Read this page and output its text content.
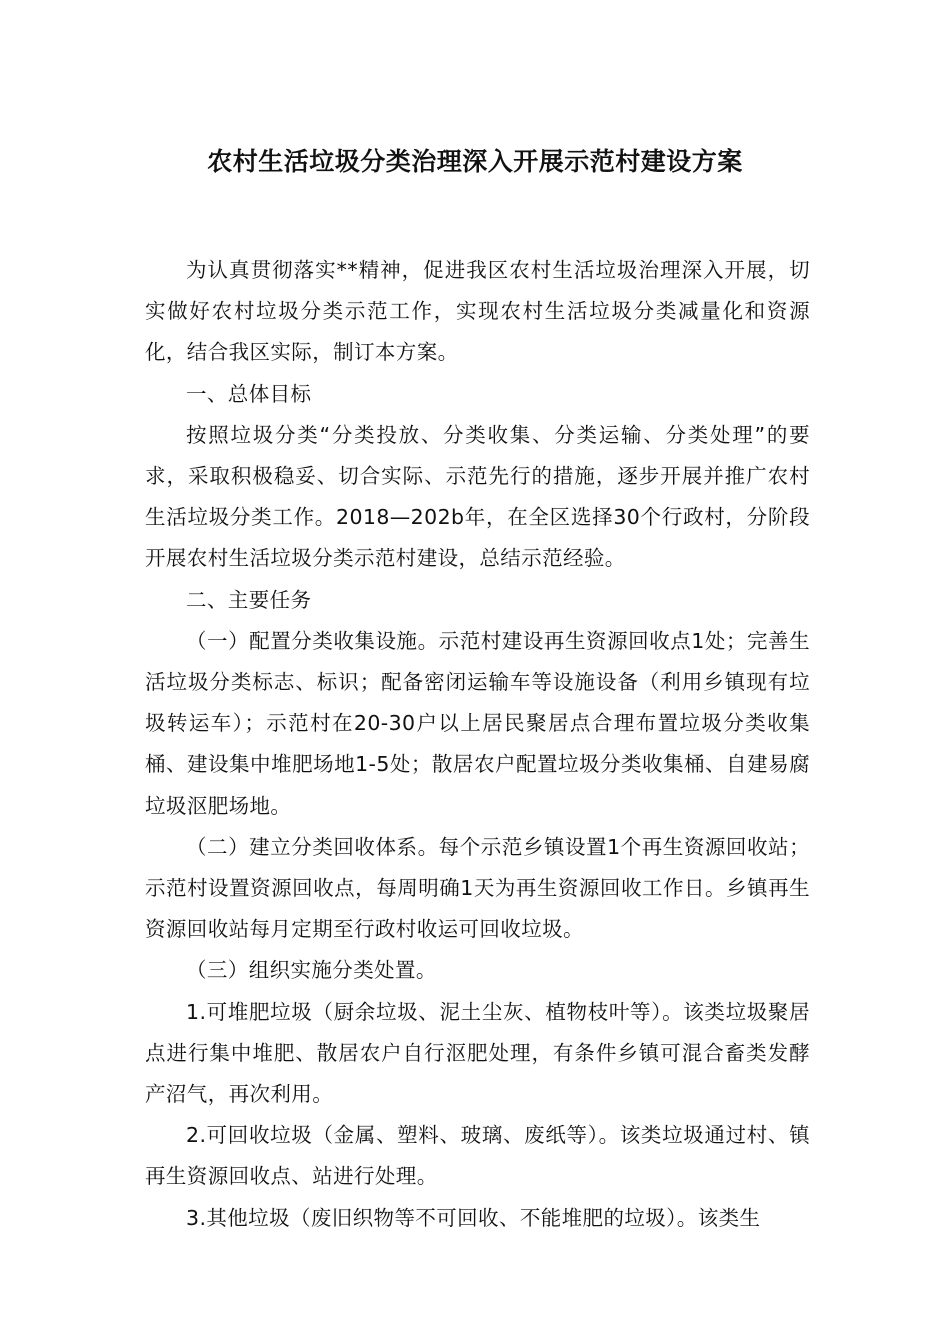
农村生活垃圾分类治理深入开展示范村建设方案

为认真贯彻落实**精神，促进我区农村生活垃圾治理深入开展，切实做好农村垃圾分类示范工作，实现农村生活垃圾分类减量化和资源化，结合我区实际，制订本方案。

一、总体目标

按照垃圾分类“分类投放、分类收集、分类运输、分类处理”的要求，采取积极稳妥、切合实际、示范先行的措施，逐步开展并推广农村生活垃圾分类工作。2018—202b年，在全区选择30个行政村，分阶段开展农村生活垃圾分类示范村建设，总结示范经验。

二、主要任务

（一）配置分类收集设施。示范村建设再生资源回收点1处；完善生活垃圾分类标志、标识；配备密闭运输车等设施设备（利用乡镇现有垃圾转运车）；示范村在20-30户以上居民聚居点合理布置垃圾分类收集桶、建设集中堆肥场地1-5处；散居农户配置垃圾分类收集桶、自建易腐垃圾沤肥场地。

（二）建立分类回收体系。每个示范乡镇设置1个再生资源回收站；示范村设置资源回收点，每周明确1天为再生资源回收工作日。乡镇再生资源回收站每月定期至行政村收运可回收垃圾。

（三）组织实施分类处置。

1.可堆肥垃圾（厨余垃圾、泥土尘灰、植物枝叶等）。该类垃圾聚居点进行集中堆肥、散居农户自行沤肥处理，有条件乡镇可混合畜类发酵产沼气，再次利用。

2.可回收垃圾（金属、塑料、玻璃、废纸等）。该类垃圾通过村、镇再生资源回收点、站进行处理。

3.其他垃圾（废旧织物等不可回收、不能堆肥的垃圾）。该类生
